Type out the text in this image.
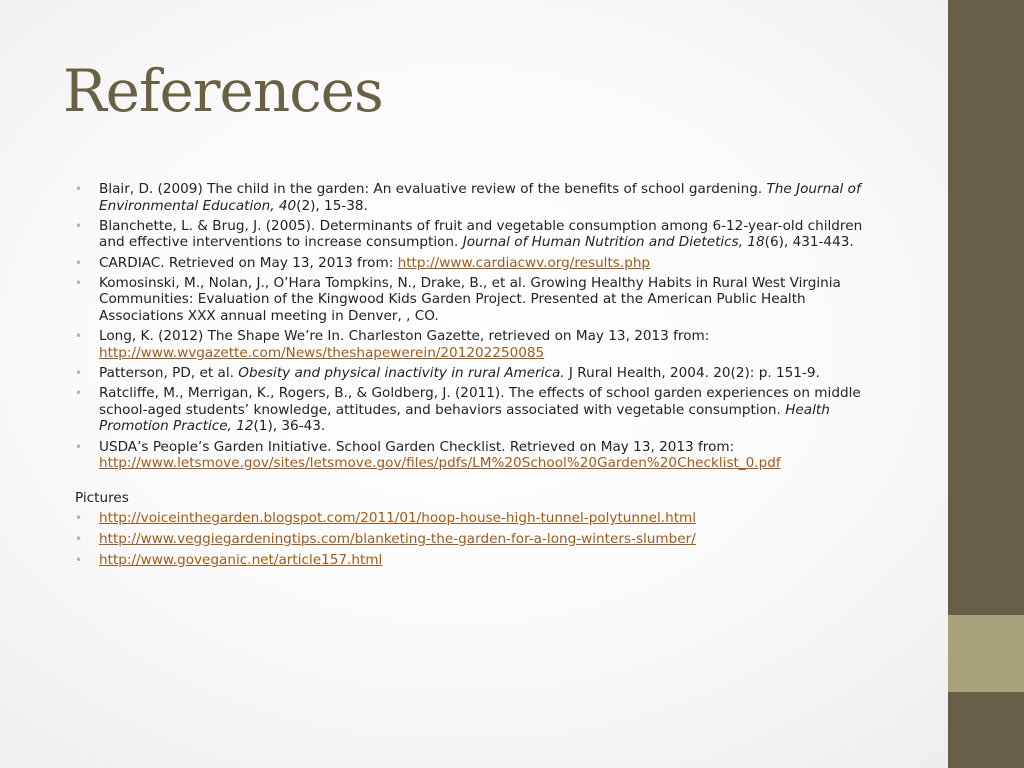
References
• Blair, D. (2009) The child in the garden: An evaluative review of the benefits of school gardening. The Journal of Environmental Education, 40(2), 15-38.
• Blanchette, L. & Brug, J. (2005). Determinants of fruit and vegetable consumption among 6-12-year-old children and effective interventions to increase consumption. Journal of Human Nutrition and Dietetics, 18(6), 431-443.
• CARDIAC. Retrieved on May 13, 2013 from: http://www.cardiacwv.org/results.php
• Komosinski, M., Nolan, J., O’Hara Tompkins, N., Drake, B., et al. Growing Healthy Habits in Rural West Virginia Communities: Evaluation of the Kingwood Kids Garden Project. Presented at the American Public Health Associations XXX annual meeting in Denver, , CO.
• Long, K. (2012) The Shape We’re In. Charleston Gazette, retrieved on May 13, 2013 from:
http://www.wvgazette.com/News/theshapewerein/201202250085
• Patterson, PD, et al. Obesity and physical inactivity in rural America. J Rural Health, 2004. 20(2): p. 151-9.
• Ratcliffe, M., Merrigan, K., Rogers, B., & Goldberg, J. (2011). The effects of school garden experiences on middle school-aged students’ knowledge, attitudes, and behaviors associated with vegetable consumption. Health Promotion Practice, 12(1), 36-43.
• USDA’s People’s Garden Initiative. School Garden Checklist. Retrieved on May 13, 2013 from:
http://www.letsmove.gov/sites/letsmove.gov/files/pdfs/LM%20School%20Garden%20Checklist_0.pdf
Pictures
• http://voiceinthegarden.blogspot.com/2011/01/hoop-house-high-tunnel-polytunnel.html
• http://www.veggiegardeningtips.com/blanketing-the-garden-for-a-long-winters-slumber/
• http://www.goveganic.net/article157.html
